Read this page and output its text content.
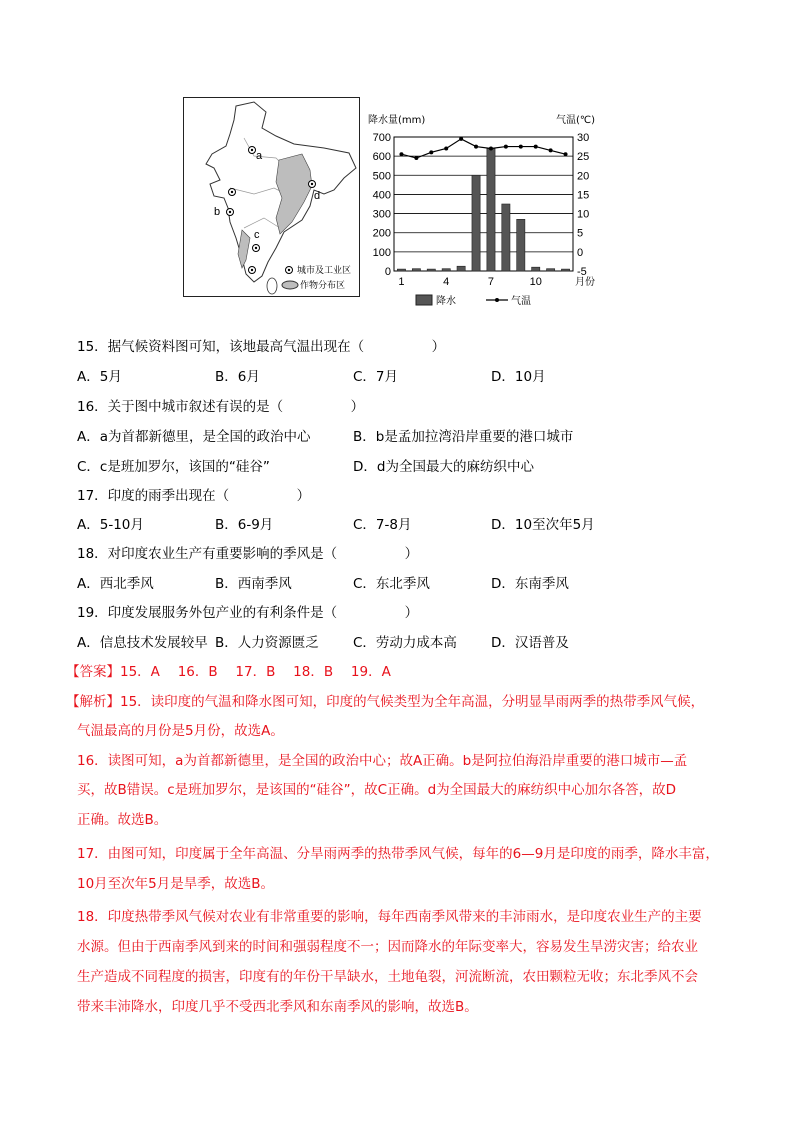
a
b
c
d
城市及工业区
作物分布区
0
100
200
300
400
500
600
700
-5
0
5
10
15
20
25
30
降水量(mm)	气温(℃)
1	4	7	10	月份
降水	气温
15．据气候资料图可知，该地最高气温出现在（　　　　　）
A．5月	B．6月	C．7月	D．10月
16．关于图中城市叙述有误的是（　　　　　）
A．a为首都新德里，是全国的政治中心	B．b是孟加拉湾沿岸重要的港口城市
C．c是班加罗尔，该国的“硅谷”	D．d为全国最大的麻纺织中心
17．印度的雨季出现在（　　　　　）
A．5-10月	B．6-9月	C．7-8月	D．10至次年5月
18．对印度农业生产有重要影响的季风是（　　　　　）
A．西北季风	B．西南季风	C．东北季风	D．东南季风
19．印度发展服务外包产业的有利条件是（　　　　　）
A．信息技术发展较早 B．人力资源匮乏	C．劳动力成本高	D．汉语普及
【答案】15．A　 16．B　 17．B　 18．B　 19．A
【解析】15．读印度的气温和降水图可知，印度的气候类型为全年高温，分明显旱雨两季的热带季风气候，
气温最高的月份是5月份，故选A。
16．读图可知，a为首都新德里，是全国的政治中心；故A正确。b是阿拉伯海沿岸重要的港口城市—孟
买，故B错误。c是班加罗尔，是该国的“硅谷”，故C正确。d为全国最大的麻纺织中心加尔各答，故D
正确。故选B。
17．由图可知，印度属于全年高温、分旱雨两季的热带季风气候，每年的6—9月是印度的雨季，降水丰富，
10月至次年5月是旱季，故选B。
18．印度热带季风气候对农业有非常重要的影响，每年西南季风带来的丰沛雨水，是印度农业生产的主要
水源。但由于西南季风到来的时间和强弱程度不一；因而降水的年际变率大，容易发生旱涝灾害；给农业
生产造成不同程度的损害，印度有的年份干旱缺水，土地龟裂，河流断流，农田颗粒无收；东北季风不会
带来丰沛降水，印度几乎不受西北季风和东南季风的影响，故选B。
